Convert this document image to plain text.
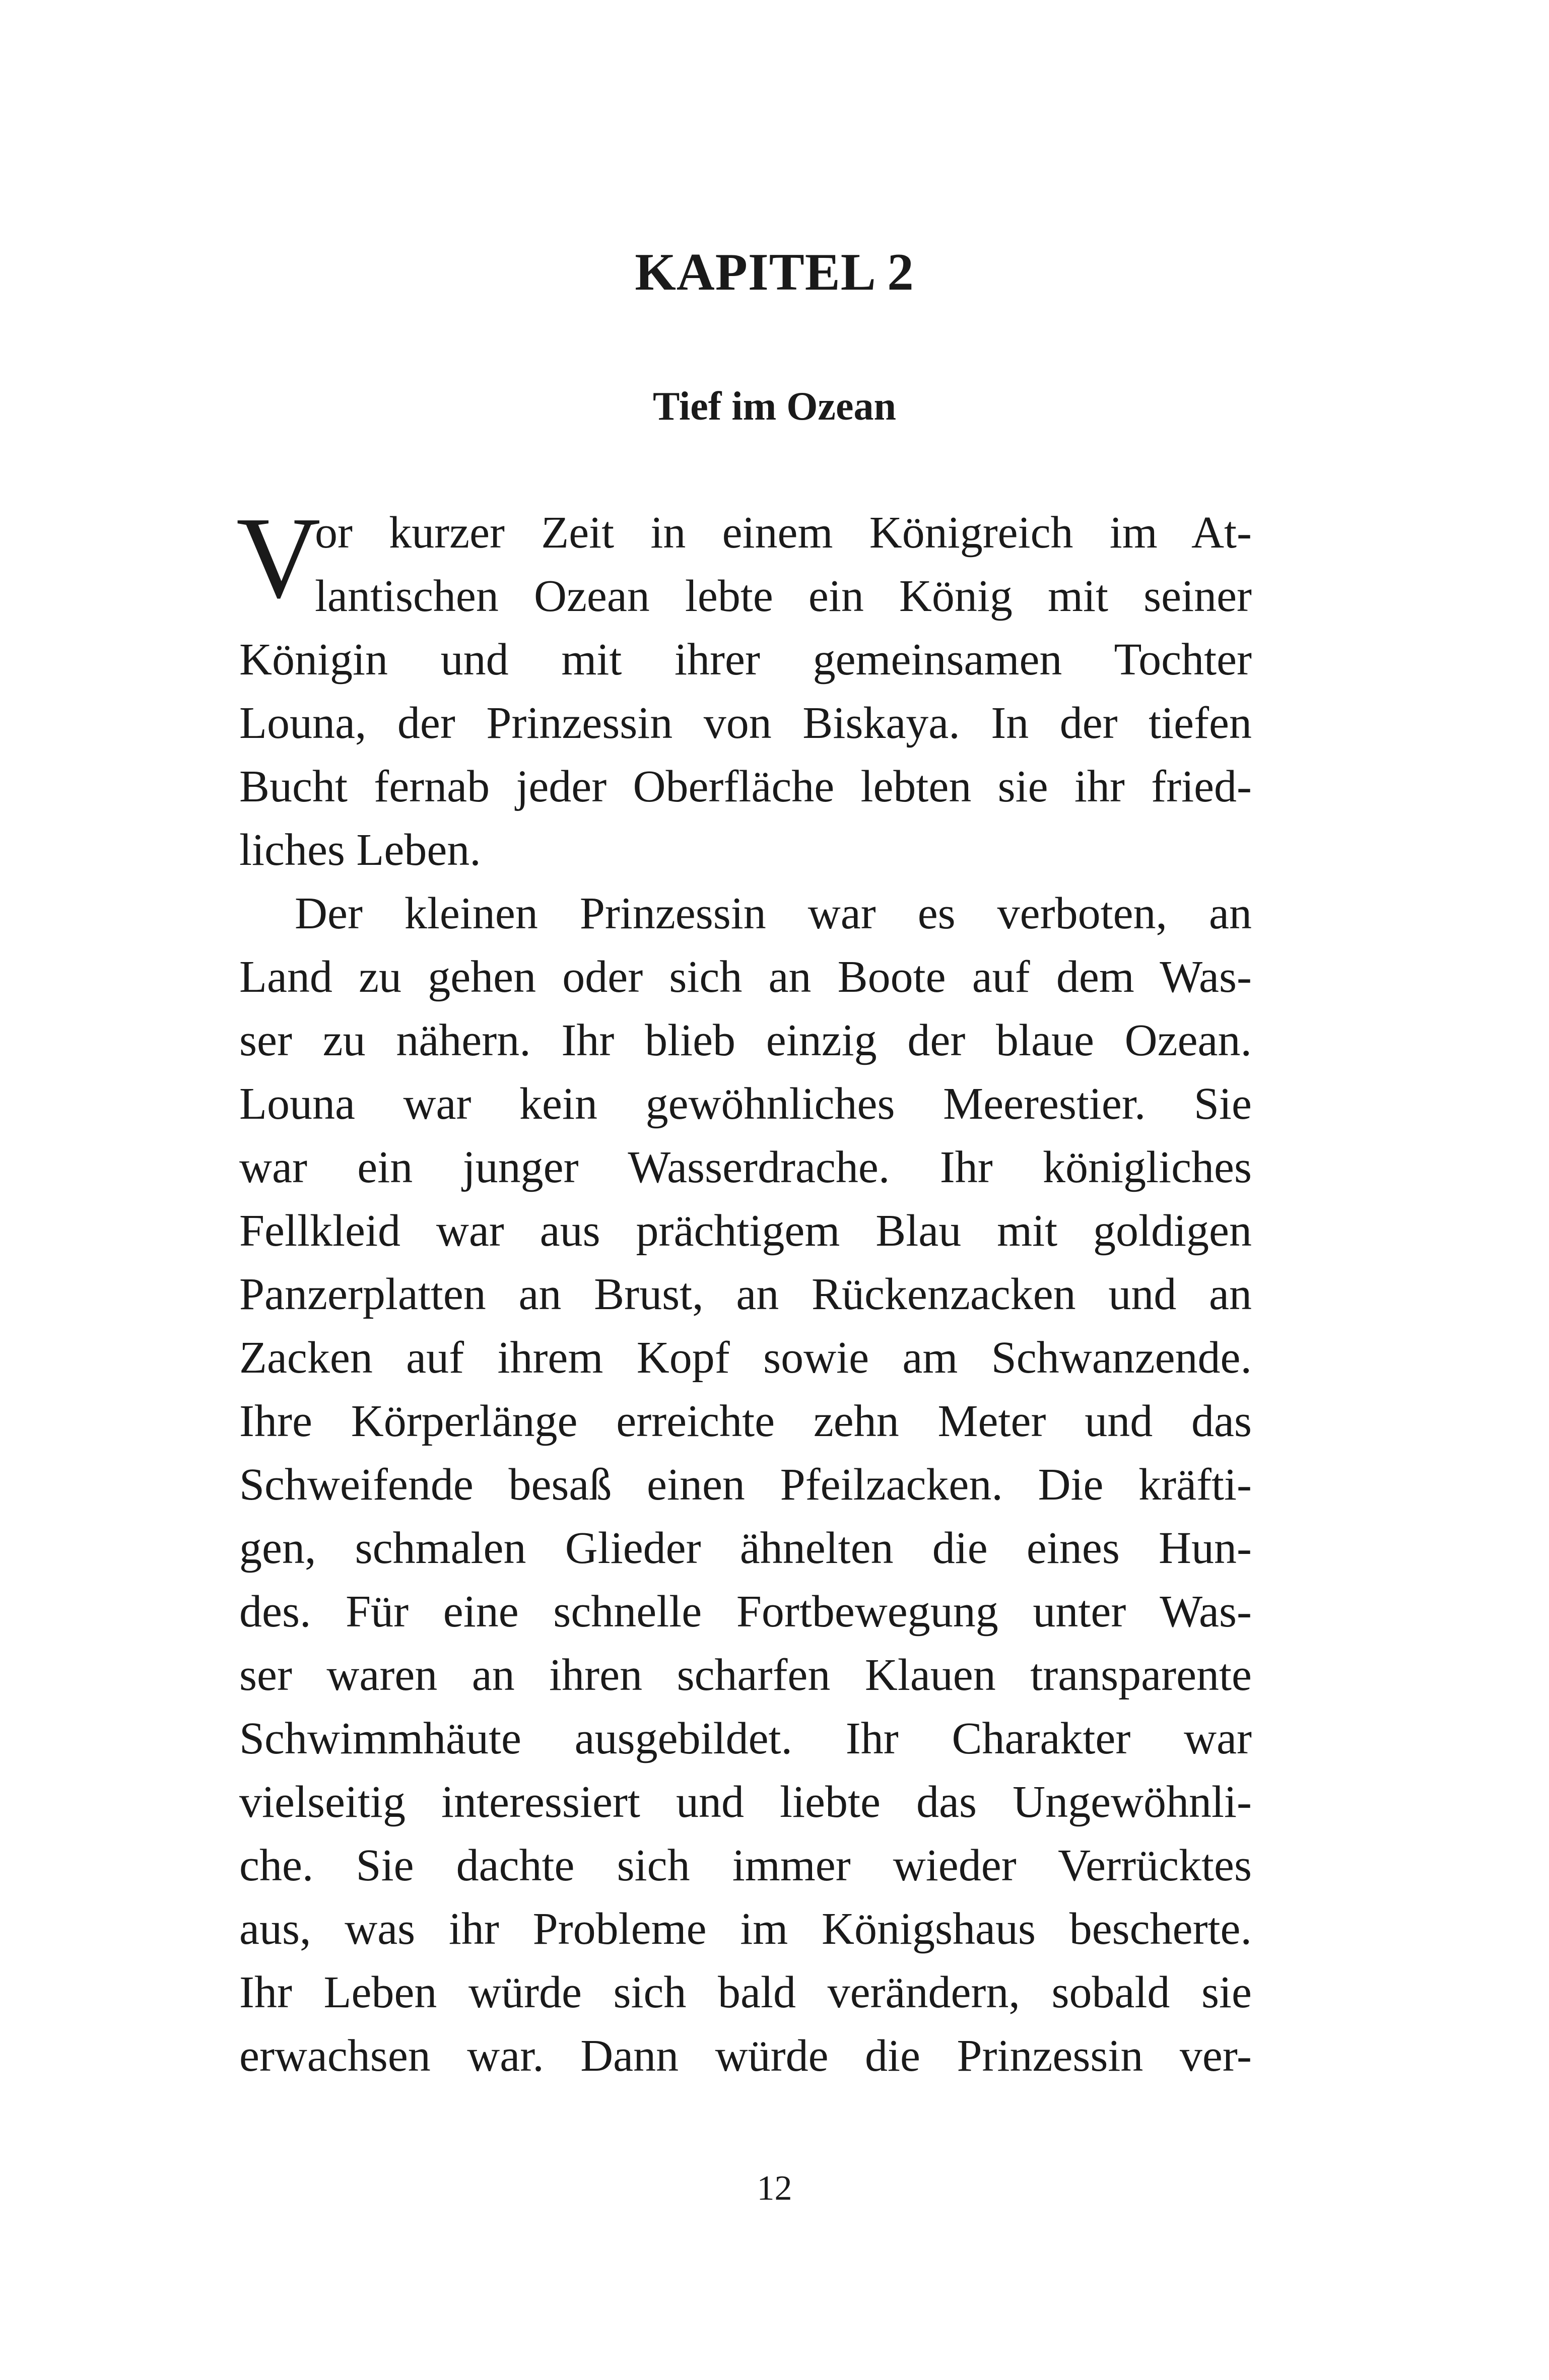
KAPITEL 2
Tief im Ozean
V
or kurzer Zeit in einem Königreich im At-
lantischen Ozean lebte ein König mit seiner
Königin und mit ihrer gemeinsamen Tochter
Louna, der Prinzessin von Biskaya. In der tiefen
Bucht fernab jeder Oberfläche lebten sie ihr fried-
liches Leben.
Der kleinen Prinzessin war es verboten, an
Land zu gehen oder sich an Boote auf dem Was-
ser zu nähern. Ihr blieb einzig der blaue Ozean.
Louna war kein gewöhnliches Meerestier. Sie
war ein junger Wasserdrache. Ihr königliches
Fellkleid war aus prächtigem Blau mit goldigen
Panzerplatten an Brust, an Rückenzacken und an
Zacken auf ihrem Kopf sowie am Schwanzende.
Ihre Körperlänge erreichte zehn Meter und das
Schweifende besaß einen Pfeilzacken. Die kräfti-
gen, schmalen Glieder ähnelten die eines Hun-
des. Für eine schnelle Fortbewegung unter Was-
ser waren an ihren scharfen Klauen transparente
Schwimmhäute ausgebildet. Ihr Charakter war
vielseitig interessiert und liebte das Ungewöhnli-
che. Sie dachte sich immer wieder Verrücktes
aus, was ihr Probleme im Königshaus bescherte.
Ihr Leben würde sich bald verändern, sobald sie
erwachsen war. Dann würde die Prinzessin ver-
12
